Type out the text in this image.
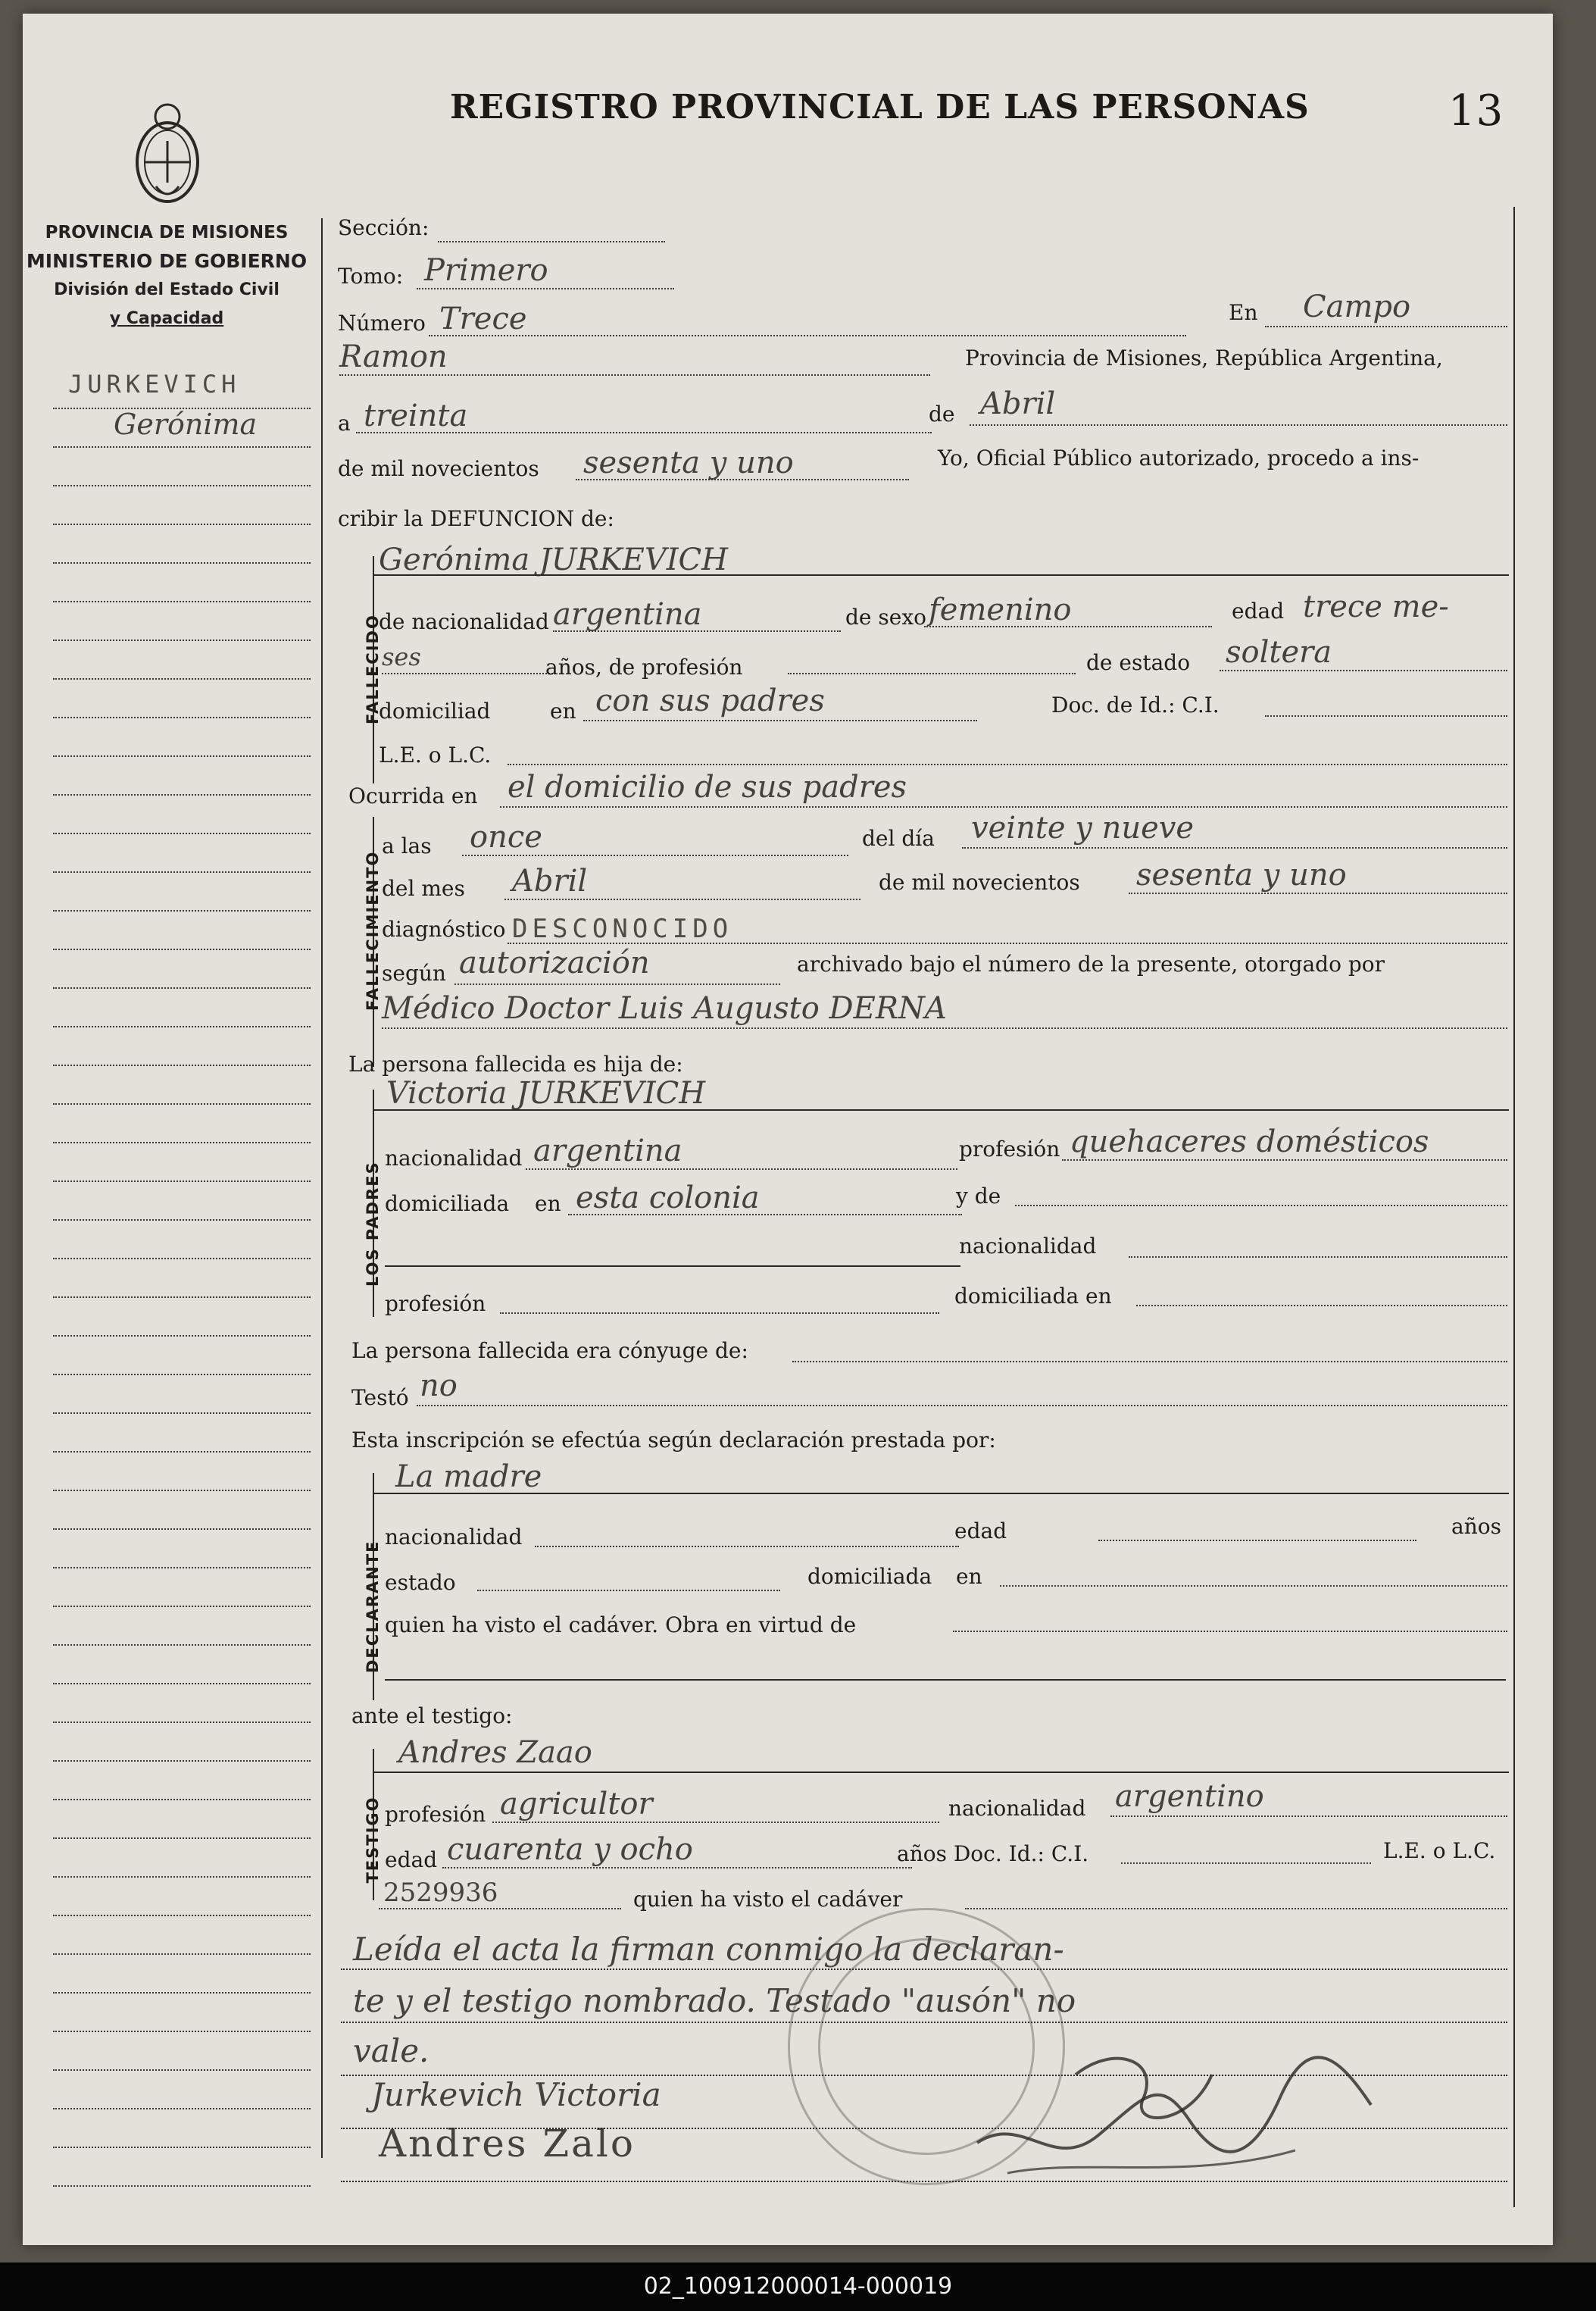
PROVINCIA DE MISIONES
MINISTERIO DE GOBIERNO
División del Estado Civil
y Capacidad
JURKEVICH
Gerónima
REGISTRO PROVINCIAL DE LAS PERSONAS	13
Sección:
Tomo: Primero
Número Trece	En Campo
Ramon	Provincia de Misiones, República Argentina,
a treinta	de Abril
de mil novecientos sesenta y uno	Yo, Oficial Público autorizado, procedo a ins-
cribir la DEFUNCION de:
FALLECIDO
Gerónima JURKEVICH
de nacionalidad argentina	de sexo femenino	edad trece me-
ses	años, de profesión	de estado soltera
domiciliad	en con sus padres	Doc. de Id.: C.I.
L.E. o L.C.
Ocurrida en el domicilio de sus padres
FALLECIMIENTO
a las once	del día veinte y nueve
del mes Abril	de mil novecientos sesenta y uno
diagnóstico DESCONOCIDO
según autorización	archivado bajo el número de la presente, otorgado por
Médico Doctor Luis Augusto DERNA
La persona fallecida es hija de:
LOS PADRES
Victoria JURKEVICH
nacionalidad argentina	profesión quehaceres domésticos
domiciliada en esta colonia	y de
nacionalidad
profesión	domiciliada en
La persona fallecida era cónyuge de:
Testó no
Esta inscripción se efectúa según declaración prestada por:
DECLARANTE
La madre
nacionalidad	edad	años
estado	domiciliada en
quien ha visto el cadáver. Obra en virtud de
ante el testigo:
TESTIGO
Andres Zaao
profesión agricultor	nacionalidad argentino
edad cuarenta y ocho	años Doc. Id.: C.I.	L.E. o L.C.
2529936	quien ha visto el cadáver
Leída el acta la firman conmigo la declaran-
te y el testigo nombrado. Testado "ausón" no
vale.
Jurkevich Victoria
Andres Zalo
02_100912000014-000019
